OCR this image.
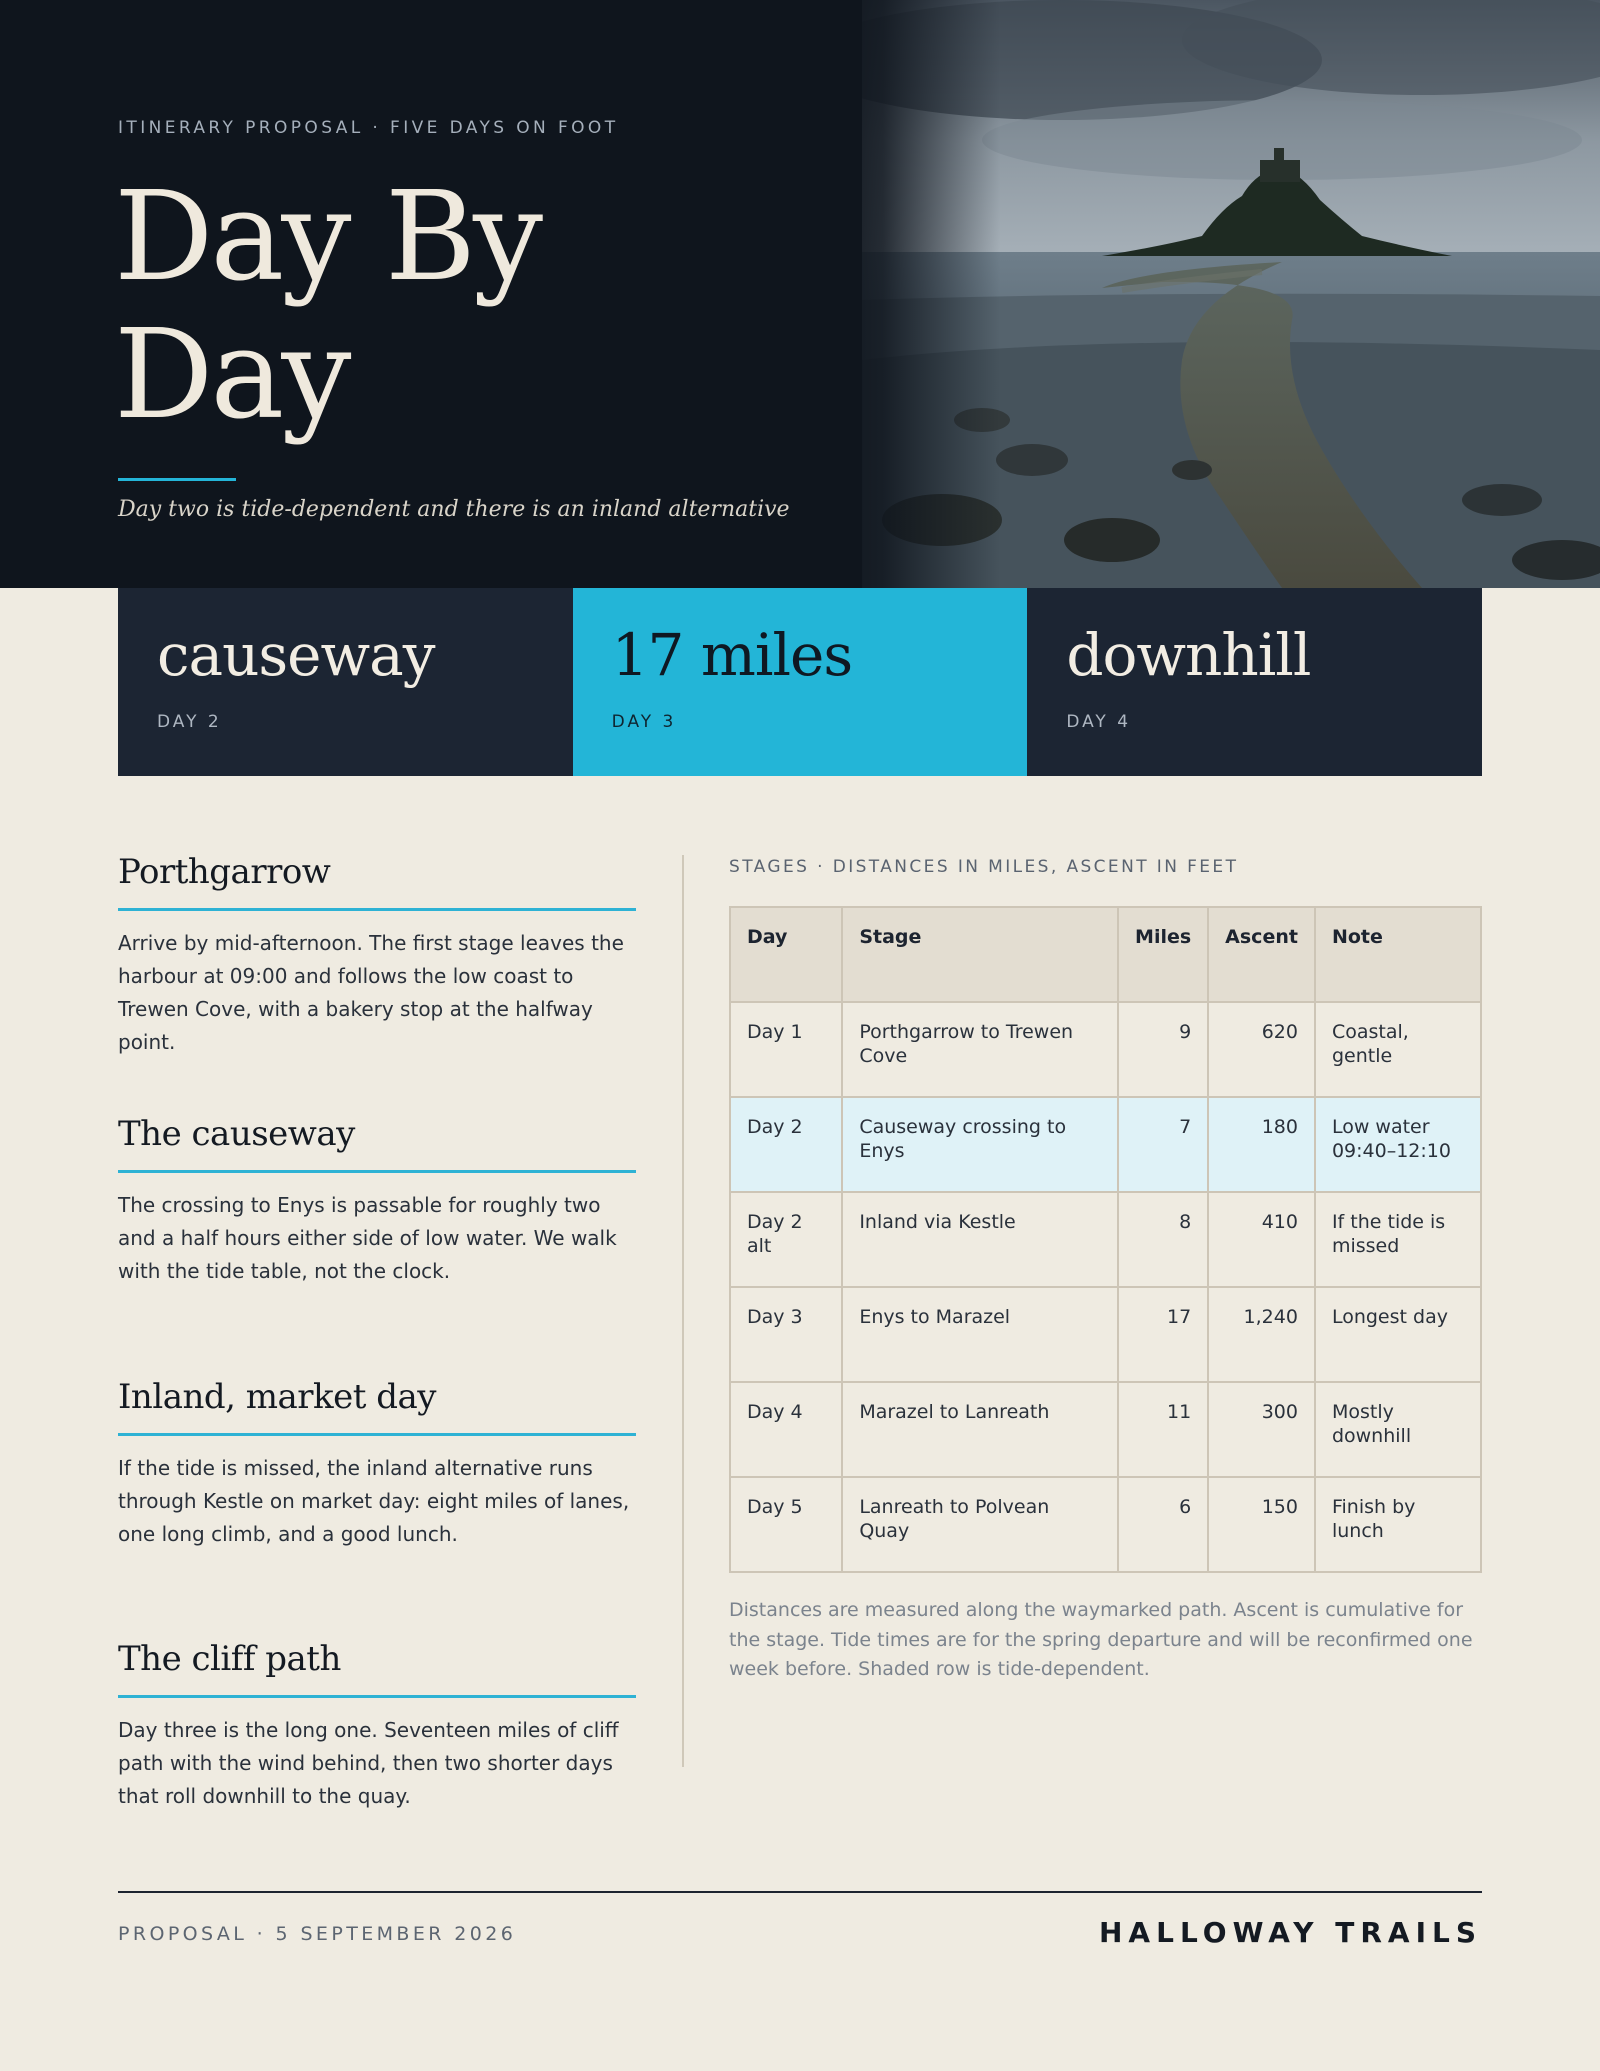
ITINERARY PROPOSAL · FIVE DAYS ON FOOT
Day By Day
Day two is tide-dependent and there is an inland alternative
causeway
DAY 2
17 miles
DAY 3
downhill
DAY 4
Porthgarrow

Arrive by mid-afternoon. The first stage leaves the harbour at 09:00 and follows the low coast to Trewen Cove, with a bakery stop at the halfway point.

The causeway

The crossing to Enys is passable for roughly two and a half hours either side of low water. We walk with the tide table, not the clock.

Inland, market day

If the tide is missed, the inland alternative runs through Kestle on market day: eight miles of lanes, one long climb, and a good lunch.

The cliff path

Day three is the long one. Seventeen miles of cliff path with the wind behind, then two shorter days that roll downhill to the quay.

STAGES · DISTANCES IN MILES, ASCENT IN FEET
Day	Stage	Miles	Ascent	Note
Day 1	Porthgarrow to Trewen Cove	9	620	Coastal, gentle
Day 2	Causeway crossing to Enys	7	180	Low water 09:40–12:10
Day 2 alt	Inland via Kestle	8	410	If the tide is missed
Day 3	Enys to Marazel	17	1,240	Longest day
Day 4	Marazel to Lanreath	11	300	Mostly downhill
Day 5	Lanreath to Polvean Quay	6	150	Finish by lunch
Distances are measured along the waymarked path. Ascent is cumulative for the stage. Tide times are for the spring departure and will be reconfirmed one week before. Shaded row is tide-dependent.
PROPOSAL · 5 SEPTEMBER 2026	HALLOWAY TRAILS
